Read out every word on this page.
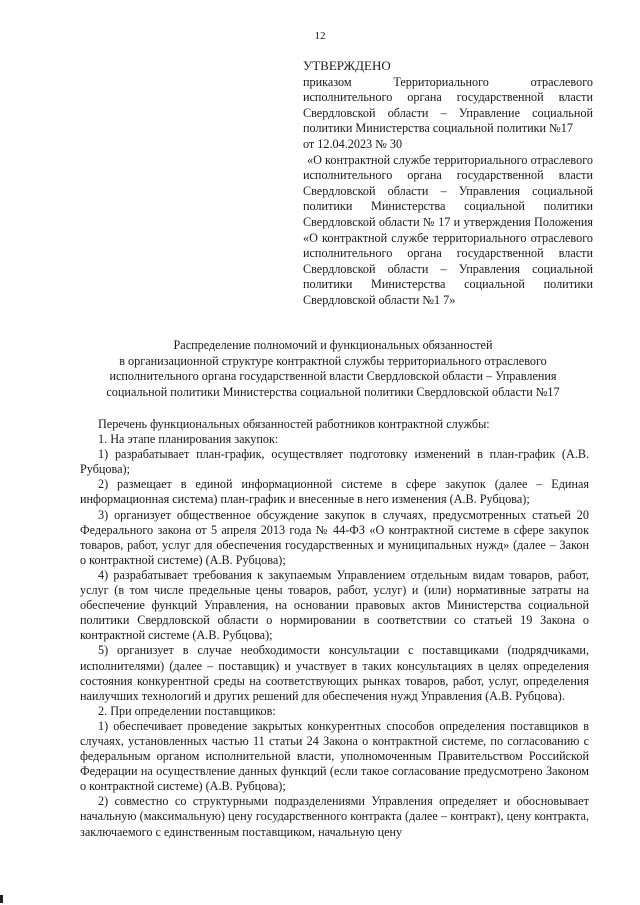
12
УТВЕРЖДЕНО
приказом Территориального отраслевого исполнительного органа государственной власти Свердловской области – Управление социальной политики Министерства социальной политики №17
от 12.04.2023 № 30
«О контрактной службе территориального отраслевого исполнительного органа государственной власти Свердловской области – Управления социальной политики Министерства социальной политики Свердловской области № 17 и утверждения Положения «О контрактной службе территориального отраслевого исполнительного органа государственной власти Свердловской области – Управления социальной политики Министерства социальной политики Свердловской области №1 7»
Распределение полномочий и функциональных обязанностей
в организационной структуре контрактной службы территориального отраслевого
исполнительного органа государственной власти Свердловской области – Управления
социальной политики Министерства социальной политики Свердловской области №17

Перечень функциональных обязанностей работников контрактной службы:

1. На этапе планирования закупок:

1) разрабатывает план-график, осуществляет подготовку изменений в план-график (А.В. Рубцова);

2) размещает в единой информационной системе в сфере закупок (далее – Единая информационная система) план-график и внесенные в него изменения (А.В. Рубцова);

3) организует общественное обсуждение закупок в случаях, предусмотренных статьей 20 Федерального закона от 5 апреля 2013 года № 44-ФЗ «О контрактной системе в сфере закупок товаров, работ, услуг для обеспечения государственных и муниципальных нужд» (далее – Закон о контрактной системе) (А.В. Рубцова);

4) разрабатывает требования к закупаемым Управлением отдельным видам товаров, работ, услуг (в том числе предельные цены товаров, работ, услуг) и (или) нормативные затраты на обеспечение функций Управления, на основании правовых актов Министерства социальной политики Свердловской области о нормировании в соответствии со статьей 19 Закона о контрактной системе (А.В. Рубцова);

5) организует в случае необходимости консультации с поставщиками (подрядчиками, исполнителями) (далее – поставщик) и участвует в таких консультациях в целях определения состояния конкурентной среды на соответствующих рынках товаров, работ, услуг, определения наилучших технологий и других решений для обеспечения нужд Управления (А.В. Рубцова).

2. При определении поставщиков:

1) обеспечивает проведение закрытых конкурентных способов определения поставщиков в случаях, установленных частью 11 статьи 24 Закона о контрактной системе, по согласованию с федеральным органом исполнительной власти, уполномоченным Правительством Российской Федерации на осуществление данных функций (если такое согласование предусмотрено Законом о контрактной системе) (А.В. Рубцова);

2) совместно со структурными подразделениями Управления определяет и обосновывает начальную (максимальную) цену государственного контракта (далее – контракт), цену контракта, заключаемого с единственным поставщиком, начальную цену
